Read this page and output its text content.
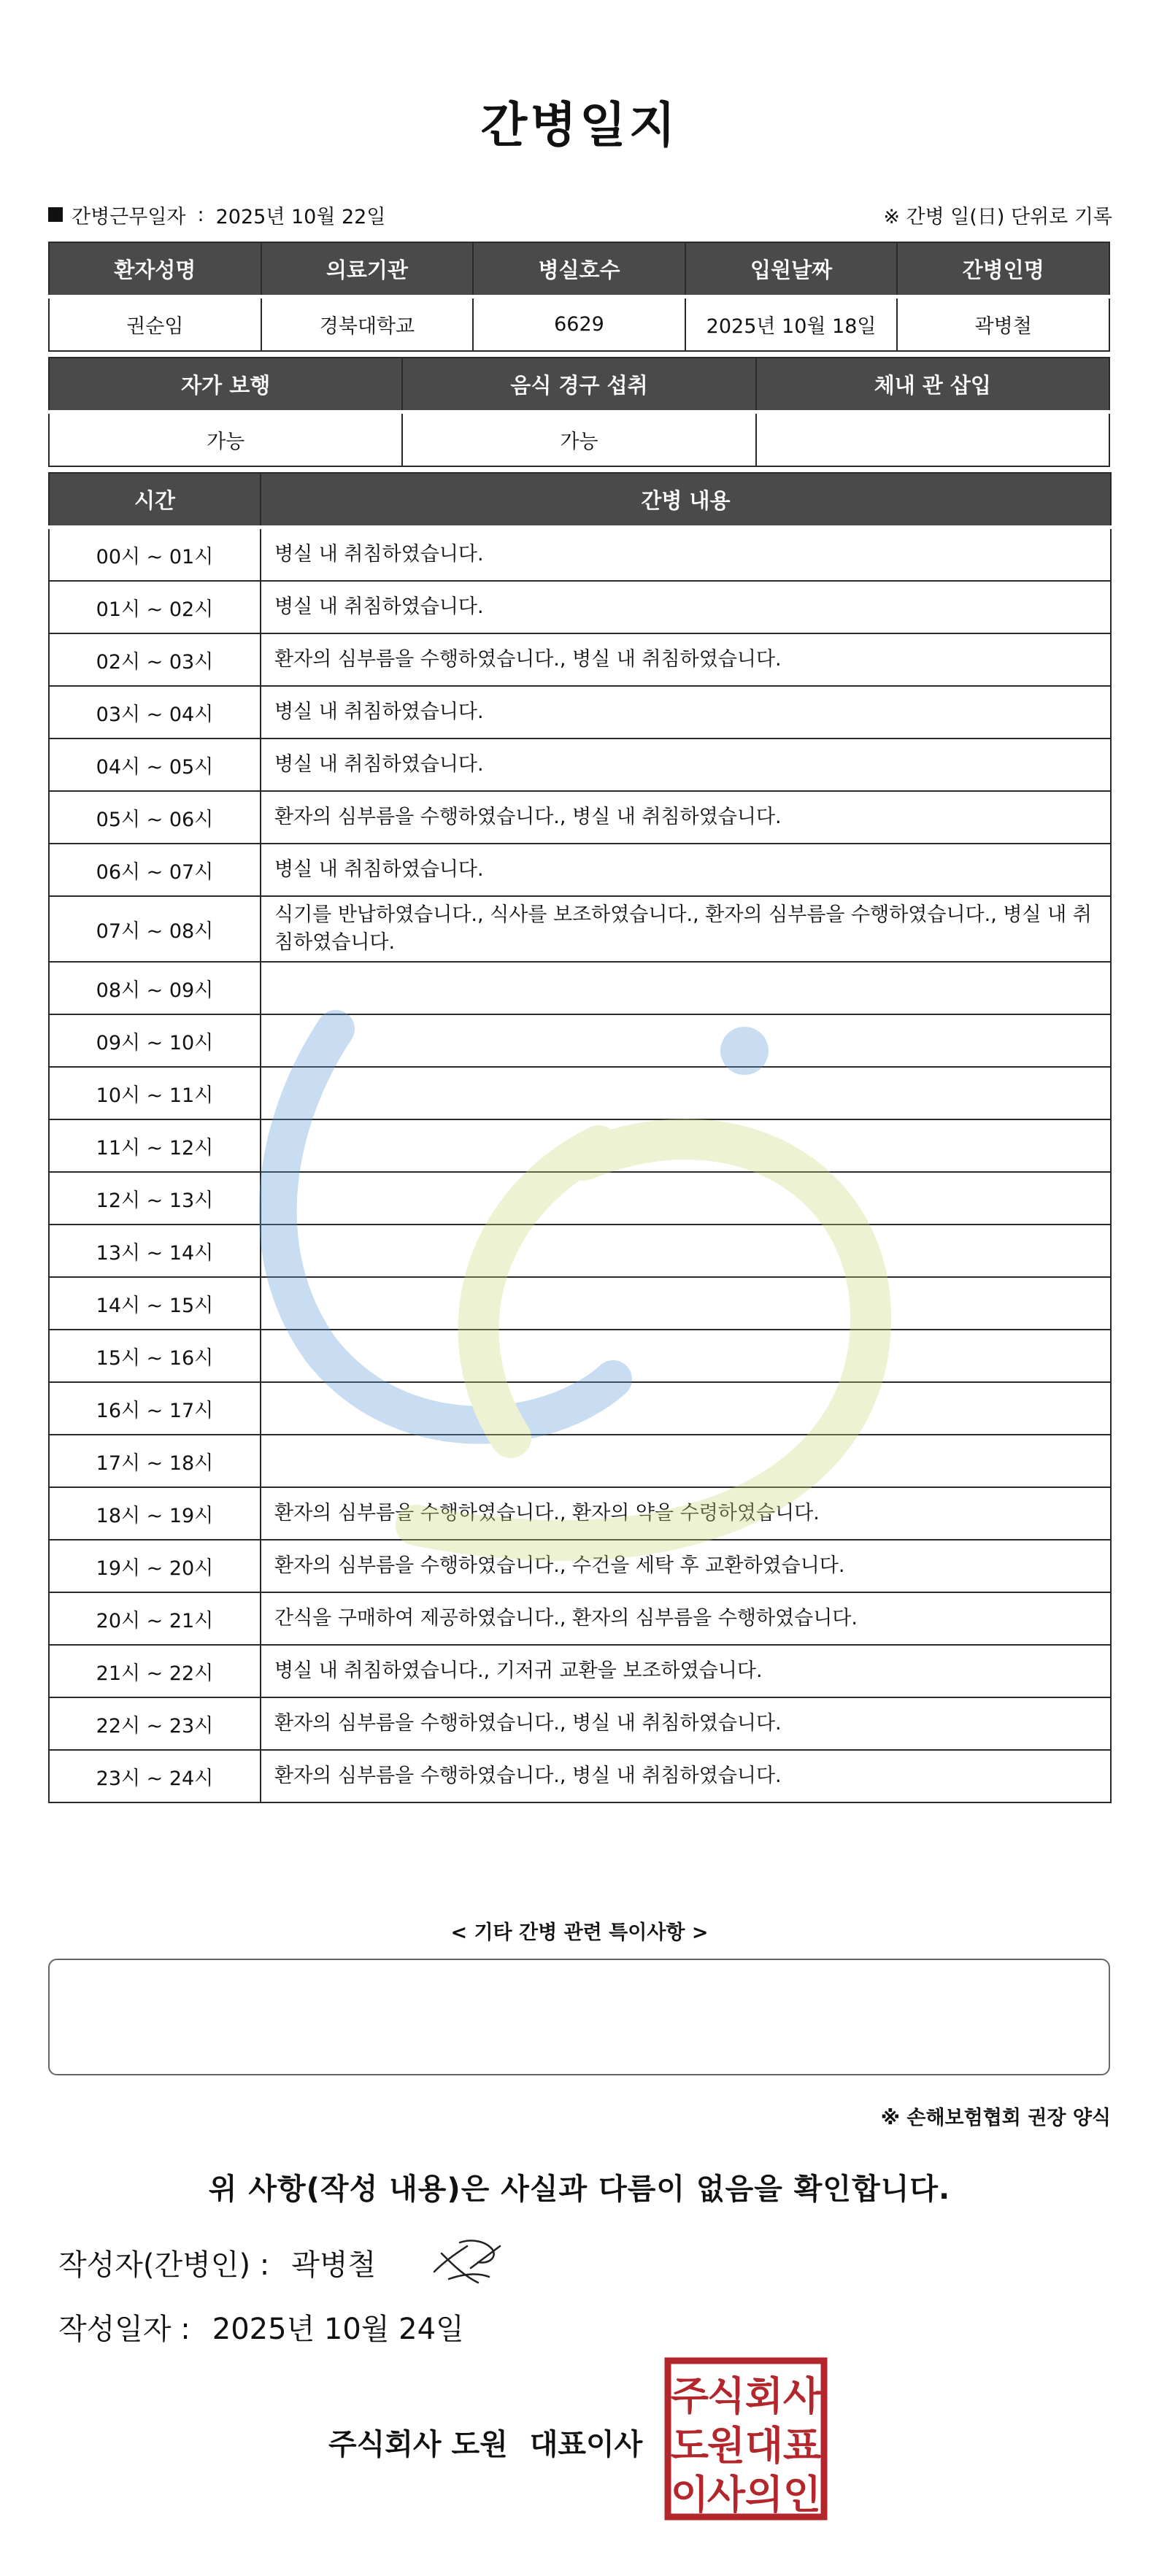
간병일지
간병근무일자 : 2025년 10월 22일	※ 간병 일(日) 단위로 기록
환자성명	의료기관	병실호수	입원날짜	간병인명
권순임	경북대학교	6629	2025년 10월 18일	곽병철
자가 보행	음식 경구 섭취	체내 관 삽입
가능	가능	
시간	간병 내용
00시 ~ 01시	병실 내 취침하였습니다.
01시 ~ 02시	병실 내 취침하였습니다.
02시 ~ 03시	환자의 심부름을 수행하였습니다., 병실 내 취침하였습니다.
03시 ~ 04시	병실 내 취침하였습니다.
04시 ~ 05시	병실 내 취침하였습니다.
05시 ~ 06시	환자의 심부름을 수행하였습니다., 병실 내 취침하였습니다.
06시 ~ 07시	병실 내 취침하였습니다.
07시 ~ 08시	식기를 반납하였습니다., 식사를 보조하였습니다., 환자의 심부름을 수행하였습니다., 병실 내 취침하였습니다.
08시 ~ 09시	
09시 ~ 10시	
10시 ~ 11시	
11시 ~ 12시	
12시 ~ 13시	
13시 ~ 14시	
14시 ~ 15시	
15시 ~ 16시	
16시 ~ 17시	
17시 ~ 18시	
18시 ~ 19시	환자의 심부름을 수행하였습니다., 환자의 약을 수령하였습니다.
19시 ~ 20시	환자의 심부름을 수행하였습니다., 수건을 세탁 후 교환하였습니다.
20시 ~ 21시	간식을 구매하여 제공하였습니다., 환자의 심부름을 수행하였습니다.
21시 ~ 22시	병실 내 취침하였습니다., 기저귀 교환을 보조하였습니다.
22시 ~ 23시	환자의 심부름을 수행하였습니다., 병실 내 취침하였습니다.
23시 ~ 24시	환자의 심부름을 수행하였습니다., 병실 내 취침하였습니다.
< 기타 간병 관련 특이사항 >
※ 손해보험협회 권장 양식
위 사항(작성 내용)은 사실과 다름이 없음을 확인합니다.
작성자(간병인) : 곽병철
작성일자 : 2025년 10월 24일
주식회사 도원 대표이사
주
식 회 사
도
원 대 표
이
사 의 인
